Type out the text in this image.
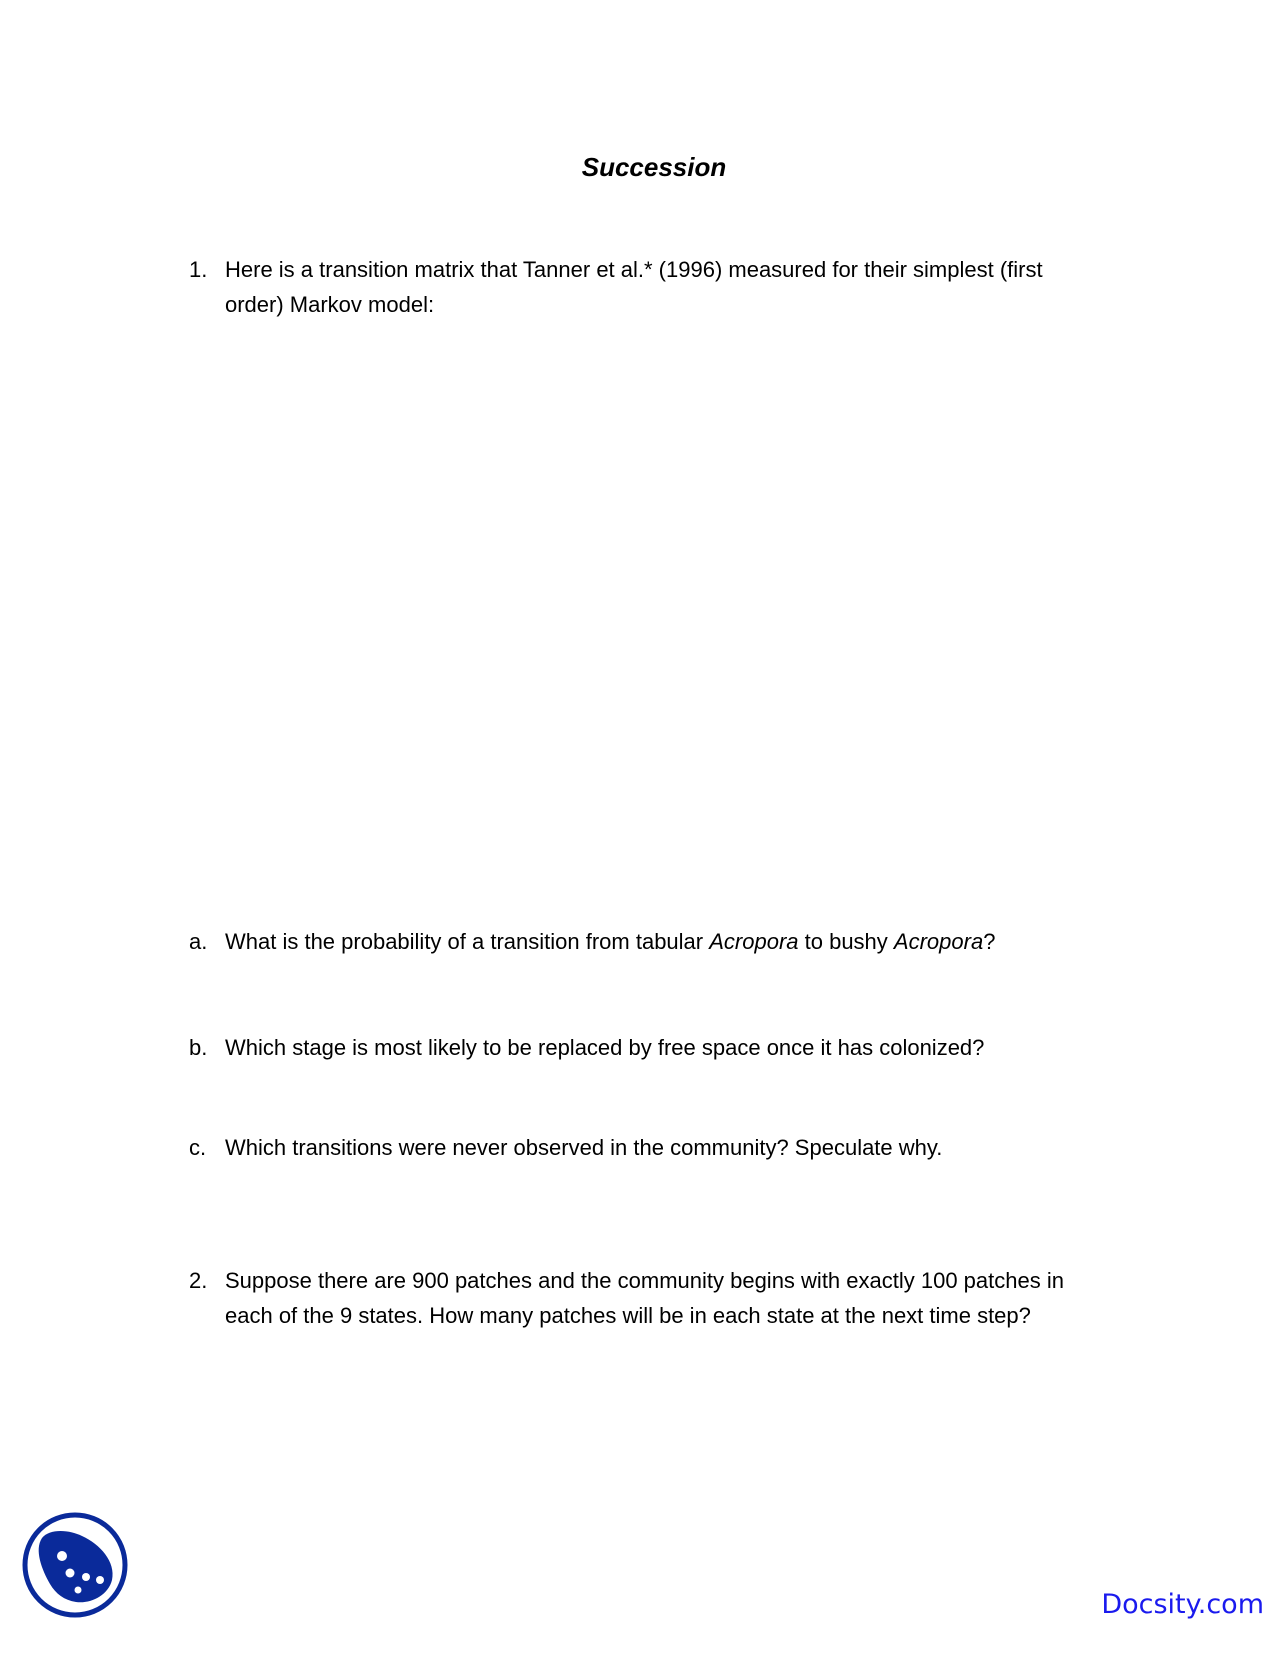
Succession
1. Here is a transition matrix that Tanner et al.* (1996) measured for their simplest (first
order) Markov model:
a. What is the probability of a transition from tabular Acropora to bushy Acropora?
b. Which stage is most likely to be replaced by free space once it has colonized?
c. Which transitions were never observed in the community? Speculate why.
2. Suppose there are 900 patches and the community begins with exactly 100 patches in
each of the 9 states. How many patches will be in each state at the next time step?
Docsity.com
